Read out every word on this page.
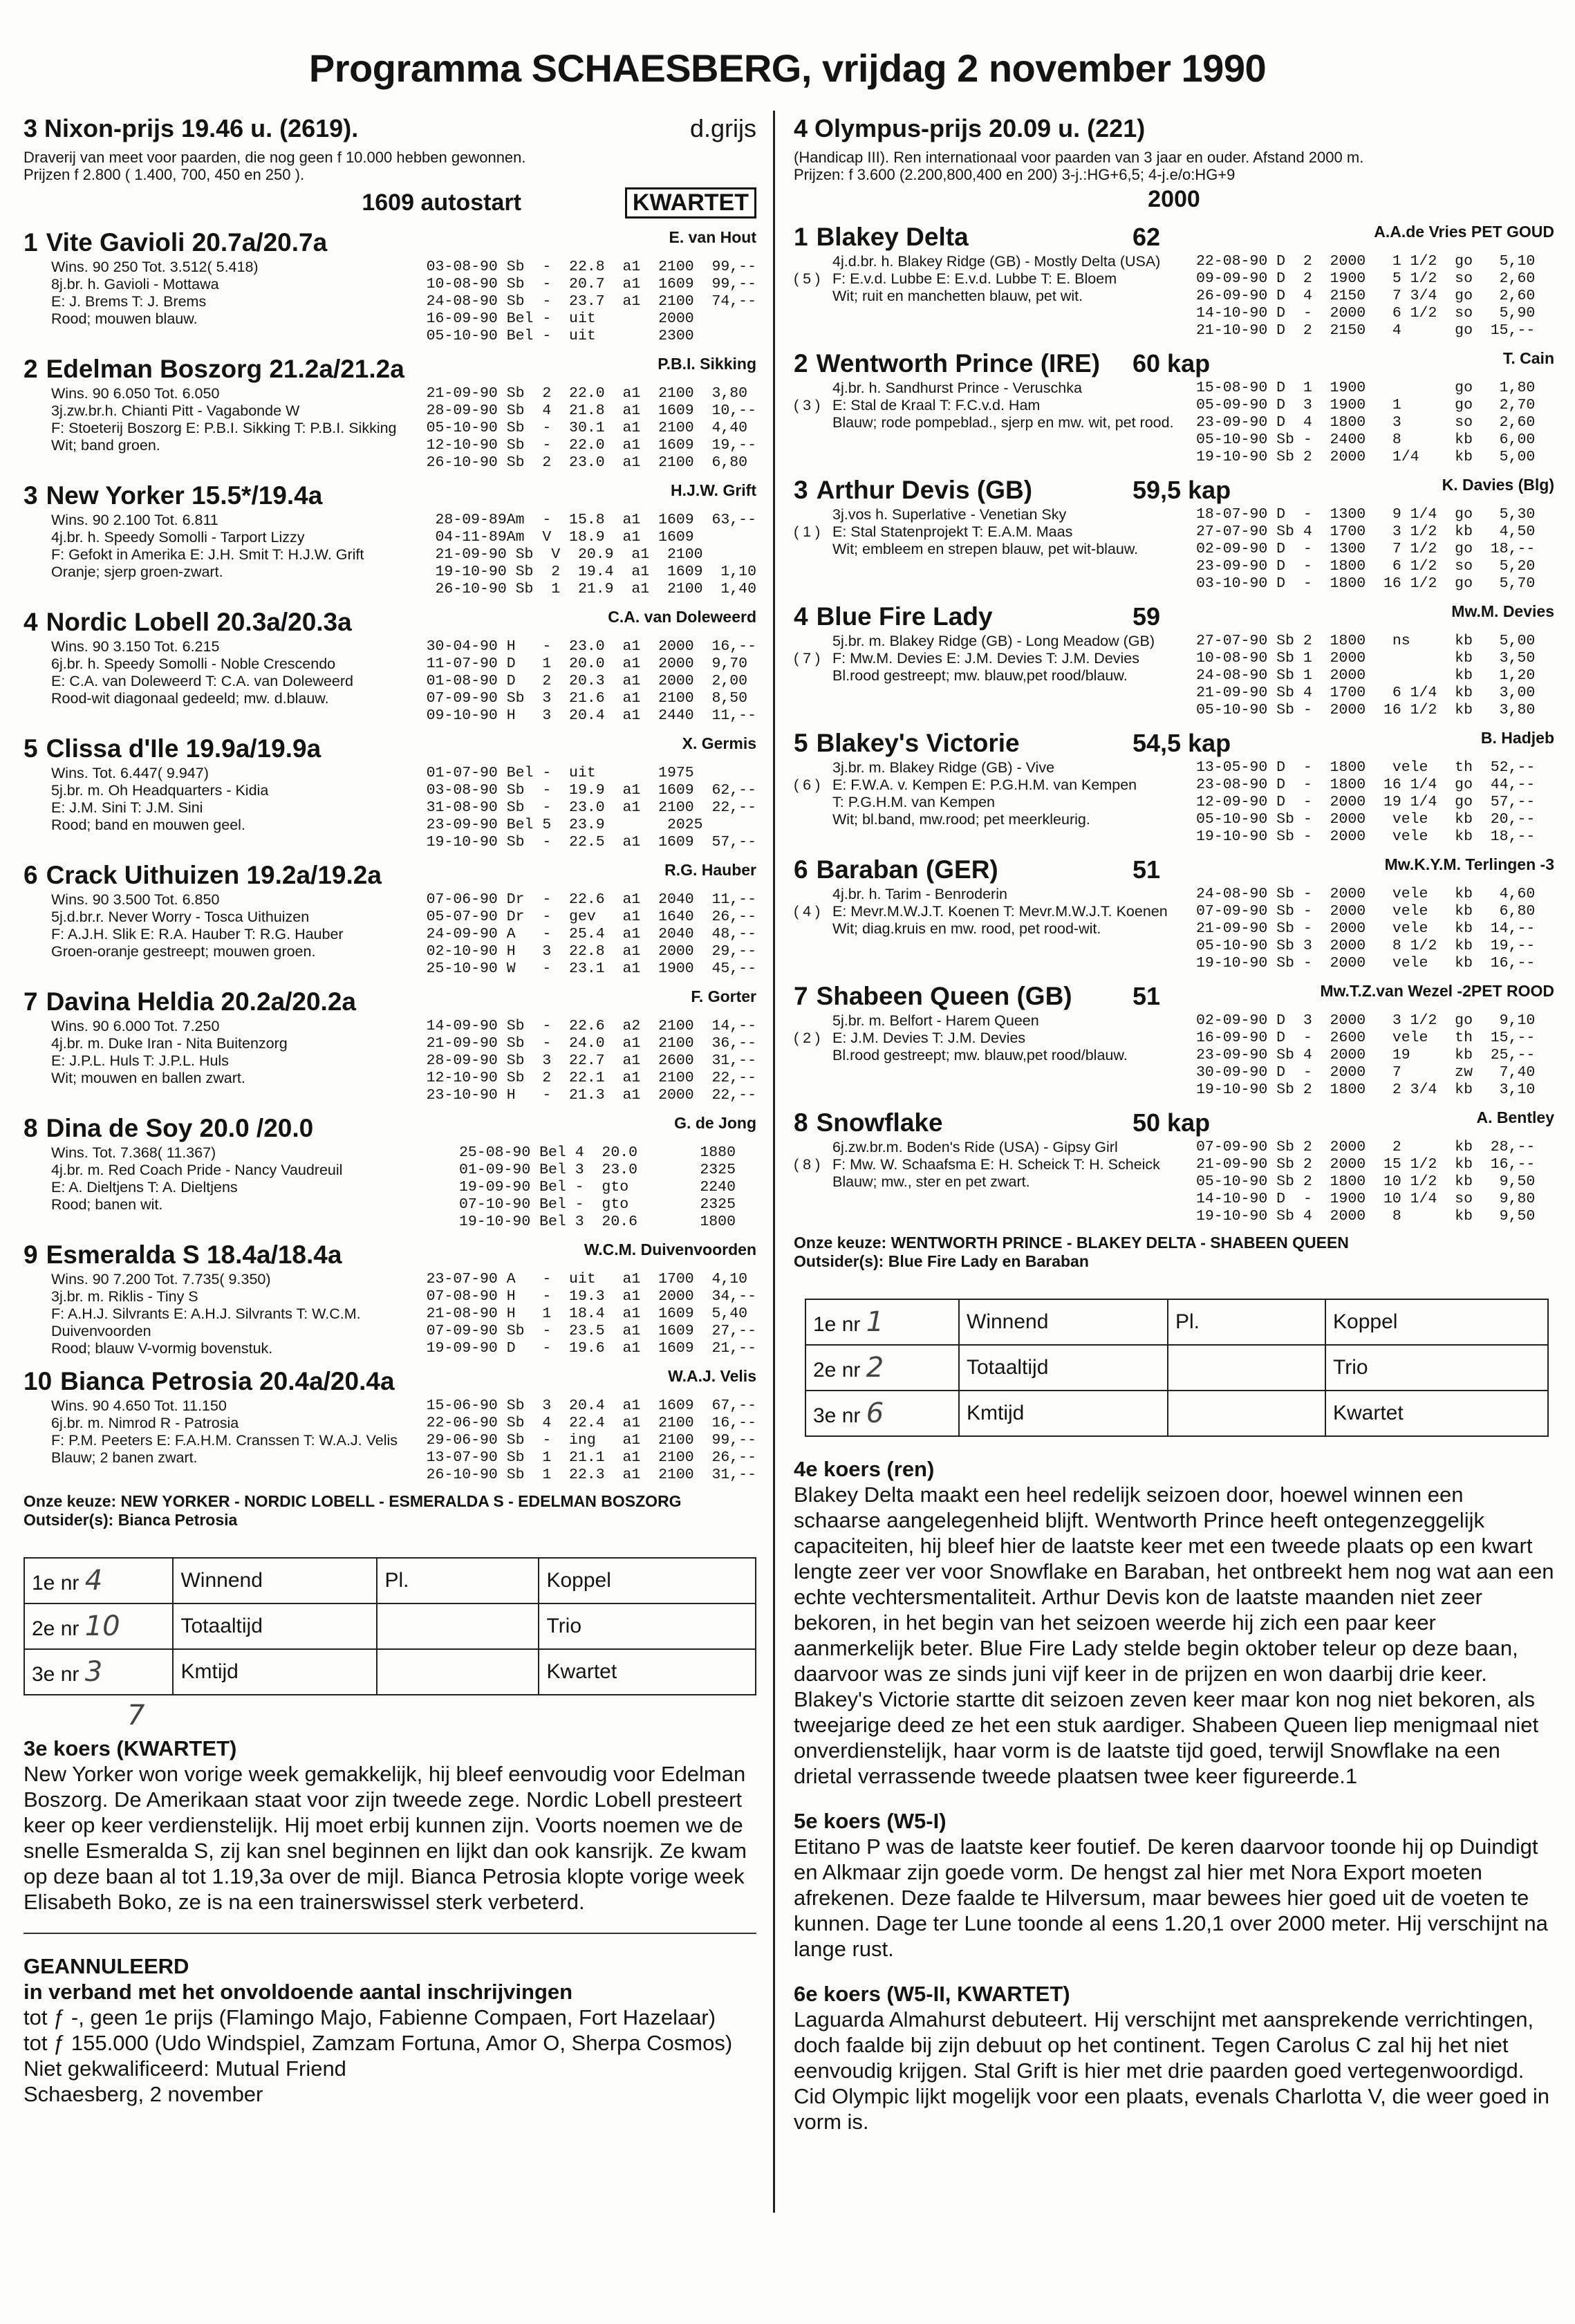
Programma SCHAESBERG, vrijdag 2 november 1990
3 Nixon-prijs 19.46 u. (2619).	d.grijs
Draverij van meet voor paarden, die nog geen f 10.000 hebben gewonnen.
Prijzen f 2.800 ( 1.400, 700, 450 en 250 ).
1609 autostart	KWARTET
1 Vite Gavioli 20.7a/20.7a	E. van Hout
Wins. 90 250 Tot. 3.512( 5.418)
8j.br. h. Gavioli - Mottawa
E: J. Brems T: J. Brems
Rood; mouwen blauw.
03-08-90 Sb  -  22.8  a1  2100  99,--
10-08-90 Sb  -  20.7  a1  1609  99,--
24-08-90 Sb  -  23.7  a1  2100  74,--
16-09-90 Bel -  uit       2000
05-10-90 Bel -  uit       2300
2 Edelman Boszorg 21.2a/21.2a	P.B.I. Sikking
Wins. 90 6.050 Tot. 6.050
3j.zw.br.h. Chianti Pitt - Vagabonde W
F: Stoeterij Boszorg E: P.B.I. Sikking T: P.B.I. Sikking
Wit; band groen.
21-09-90 Sb  2  22.0  a1  2100  3,80
28-09-90 Sb  4  21.8  a1  1609  10,--
05-10-90 Sb  -  30.1  a1  2100  4,40
12-10-90 Sb  -  22.0  a1  1609  19,--
26-10-90 Sb  2  23.0  a1  2100  6,80
3 New Yorker 15.5*/19.4a	H.J.W. Grift
Wins. 90 2.100 Tot. 6.811
4j.br. h. Speedy Somolli - Tarport Lizzy
F: Gefokt in Amerika E: J.H. Smit T: H.J.W. Grift
Oranje; sjerp groen-zwart.
28-09-89Am  -  15.8  a1  1609  63,--
04-11-89Am  V  18.9  a1  1609
21-09-90 Sb  V  20.9  a1  2100
19-10-90 Sb  2  19.4  a1  1609  1,10
26-10-90 Sb  1  21.9  a1  2100  1,40
4 Nordic Lobell 20.3a/20.3a	C.A. van Doleweerd
Wins. 90 3.150 Tot. 6.215
6j.br. h. Speedy Somolli - Noble Crescendo
E: C.A. van Doleweerd T: C.A. van Doleweerd
Rood-wit diagonaal gedeeld; mw. d.blauw.
30-04-90 H   -  23.0  a1  2000  16,--
11-07-90 D   1  20.0  a1  2000  9,70
01-08-90 D   2  20.3  a1  2000  2,00
07-09-90 Sb  3  21.6  a1  2100  8,50
09-10-90 H   3  20.4  a1  2440  11,--
5 Clissa d'Ile 19.9a/19.9a	X. Germis
Wins. Tot. 6.447( 9.947)
5j.br. m. Oh Headquarters - Kidia
E: J.M. Sini T: J.M. Sini
Rood; band en mouwen geel.
01-07-90 Bel -  uit       1975
03-08-90 Sb  -  19.9  a1  1609  62,--
31-08-90 Sb  -  23.0  a1  2100  22,--
23-09-90 Bel 5  23.9       2025
19-10-90 Sb  -  22.5  a1  1609  57,--
6 Crack Uithuizen 19.2a/19.2a	R.G. Hauber
Wins. 90 3.500 Tot. 6.850
5j.d.br.r. Never Worry - Tosca Uithuizen
F: A.J.H. Slik E: R.A. Hauber T: R.G. Hauber
Groen-oranje gestreept; mouwen groen.
07-06-90 Dr  -  22.6  a1  2040  11,--
05-07-90 Dr  -  gev   a1  1640  26,--
24-09-90 A   -  25.4  a1  2040  48,--
02-10-90 H   3  22.8  a1  2000  29,--
25-10-90 W   -  23.1  a1  1900  45,--
7 Davina Heldia 20.2a/20.2a	F. Gorter
Wins. 90 6.000 Tot. 7.250
4j.br. m. Duke Iran - Nita Buitenzorg
E: J.P.L. Huls T: J.P.L. Huls
Wit; mouwen en ballen zwart.
14-09-90 Sb  -  22.6  a2  2100  14,--
21-09-90 Sb  -  24.0  a1  2100  36,--
28-09-90 Sb  3  22.7  a1  2600  31,--
12-10-90 Sb  2  22.1  a1  2100  22,--
23-10-90 H   -  21.3  a1  2000  22,--
8 Dina de Soy 20.0 /20.0	G. de Jong
Wins. Tot. 7.368( 11.367)
4j.br. m. Red Coach Pride - Nancy Vaudreuil
E: A. Dieltjens T: A. Dieltjens
Rood; banen wit.
25-08-90 Bel 4  20.0       1880
01-09-90 Bel 3  23.0       2325
19-09-90 Bel -  gto        2240
07-10-90 Bel -  gto        2325
19-10-90 Bel 3  20.6       1800
9 Esmeralda S 18.4a/18.4a	W.C.M. Duivenvoorden
Wins. 90 7.200 Tot. 7.735( 9.350)
3j.br. m. Riklis - Tiny S
F: A.H.J. Silvrants E: A.H.J. Silvrants T: W.C.M. Duivenvoorden
Rood; blauw V-vormig bovenstuk.
23-07-90 A   -  uit   a1  1700  4,10
07-08-90 H   -  19.3  a1  2000  34,--
21-08-90 H   1  18.4  a1  1609  5,40
07-09-90 Sb  -  23.5  a1  1609  27,--
19-09-90 D   -  19.6  a1  1609  21,--
10 Bianca Petrosia 20.4a/20.4a	W.A.J. Velis
Wins. 90 4.650 Tot. 11.150
6j.br. m. Nimrod R - Patrosia
F: P.M. Peeters E: F.A.H.M. Cranssen T: W.A.J. Velis
Blauw; 2 banen zwart.
15-06-90 Sb  3  20.4  a1  1609  67,--
22-06-90 Sb  4  22.4  a1  2100  16,--
29-06-90 Sb  -  ing   a1  2100  99,--
13-07-90 Sb  1  21.1  a1  2100  26,--
26-10-90 Sb  1  22.3  a1  2100  31,--
Onze keuze: NEW YORKER - NORDIC LOBELL - ESMERALDA S - EDELMAN BOSZORG
Outsider(s): Bianca Petrosia
1e nr 4	Winnend	Pl.	Koppel
2e nr 10	Totaaltijd		Trio
3e nr 3	Kmtijd		Kwartet
7
3e koers (KWARTET)
New Yorker won vorige week gemakkelijk, hij bleef eenvoudig voor Edelman Boszorg. De Amerikaan staat voor zijn tweede zege. Nordic Lobell presteert keer op keer verdienstelijk. Hij moet erbij kunnen zijn. Voorts noemen we de snelle Esmeralda S, zij kan snel beginnen en lijkt dan ook kansrijk. Ze kwam op deze baan al tot 1.19,3a over de mijl. Bianca Petrosia klopte vorige week Elisabeth Boko, ze is na een trainerswissel sterk verbeterd.
GEANNULEERD
in verband met het onvoldoende aantal inschrijvingen
tot ƒ -, geen 1e prijs (Flamingo Majo, Fabienne Compaen, Fort Hazelaar)
tot ƒ 155.000 (Udo Windspiel, Zamzam Fortuna, Amor O, Sherpa Cosmos)
Niet gekwalificeerd: Mutual Friend
Schaesberg, 2 november
4 Olympus-prijs 20.09 u. (221)
(Handicap III). Ren internationaal voor paarden van 3 jaar en ouder. Afstand 2000 m.
Prijzen: f 3.600 (2.200,800,400 en 200) 3-j.:HG+6,5; 4-j.e/o:HG+9
2000
1 Blakey Delta	62	A.A.de Vries PET GOUD
( 5 )
4j.d.br. h. Blakey Ridge (GB) - Mostly Delta (USA)
F: E.v.d. Lubbe E: E.v.d. Lubbe T: E. Bloem
Wit; ruit en manchetten blauw, pet wit.
22-08-90 D  2  2000   1 1/2  go   5,10
09-09-90 D  2  1900   5 1/2  so   2,60
26-09-90 D  4  2150   7 3/4  go   2,60
14-10-90 D  -  2000   6 1/2  so   5,90
21-10-90 D  2  2150   4      go  15,--
2 Wentworth Prince (IRE) 60 kap	T. Cain
( 3 )
4j.br. h. Sandhurst Prince - Veruschka
E: Stal de Kraal T: F.C.v.d. Ham
Blauw; rode pompeblad., sjerp en mw. wit, pet rood.
15-08-90 D  1  1900          go   1,80
05-09-90 D  3  1900   1      go   2,70
23-09-90 D  4  1800   3      so   2,60
05-10-90 Sb -  2400   8      kb   6,00
19-10-90 Sb 2  2000   1/4    kb   5,00
3 Arthur Devis (GB)	59,5 kap	K. Davies (Blg)
( 1 )
3j.vos h. Superlative - Venetian Sky
E: Stal Statenprojekt T: E.A.M. Maas
Wit; embleem en strepen blauw, pet wit-blauw.
18-07-90 D  -  1300   9 1/4  go   5,30
27-07-90 Sb 4  1700   3 1/2  kb   4,50
02-09-90 D  -  1300   7 1/2  go  18,--
23-09-90 D  -  1800   6 1/2  so   5,20
03-10-90 D  -  1800  16 1/2  go   5,70
4 Blue Fire Lady	59	Mw.M. Devies
( 7 )
5j.br. m. Blakey Ridge (GB) - Long Meadow (GB)
F: Mw.M. Devies E: J.M. Devies T: J.M. Devies
Bl.rood gestreept; mw. blauw,pet rood/blauw.
27-07-90 Sb 2  1800   ns     kb   5,00
10-08-90 Sb 1  2000          kb   3,50
24-08-90 Sb 1  2000          kb   1,20
21-09-90 Sb 4  1700   6 1/4  kb   3,00
05-10-90 Sb -  2000  16 1/2  kb   3,80
5 Blakey's Victorie	54,5 kap	B. Hadjeb
( 6 )
3j.br. m. Blakey Ridge (GB) - Vive
E: F.W.A. v. Kempen E: P.G.H.M. van Kempen
T: P.G.H.M. van Kempen
Wit; bl.band, mw.rood; pet meerkleurig.
13-05-90 D  -  1800   vele   th  52,--
23-08-90 D  -  1800  16 1/4  go  44,--
12-09-90 D  -  2000  19 1/4  go  57,--
05-10-90 Sb -  2000   vele   kb  20,--
19-10-90 Sb -  2000   vele   kb  18,--
6 Baraban (GER)	51	Mw.K.Y.M. Terlingen -3
( 4 )
4j.br. h. Tarim - Benroderin
E: Mevr.M.W.J.T. Koenen T: Mevr.M.W.J.T. Koenen
Wit; diag.kruis en mw. rood, pet rood-wit.
24-08-90 Sb -  2000   vele   kb   4,60
07-09-90 Sb -  2000   vele   kb   6,80
21-09-90 Sb -  2000   vele   kb  14,--
05-10-90 Sb 3  2000   8 1/2  kb  19,--
19-10-90 Sb -  2000   vele   kb  16,--
7 Shabeen Queen (GB) 51	Mw.T.Z.van Wezel -2PET ROOD
( 2 )
5j.br. m. Belfort - Harem Queen
E: J.M. Devies T: J.M. Devies
Bl.rood gestreept; mw. blauw,pet rood/blauw.
02-09-90 D  3  2000   3 1/2  go   9,10
16-09-90 D  -  2600   vele   th  15,--
23-09-90 Sb 4  2000   19     kb  25,--
30-09-90 D  -  2000   7      zw   7,40
19-10-90 Sb 2  1800   2 3/4  kb   3,10
8 Snowflake	50 kap	A. Bentley
( 8 )
6j.zw.br.m. Boden's Ride (USA) - Gipsy Girl
F: Mw. W. Schaafsma E: H. Scheick T: H. Scheick
Blauw; mw., ster en pet zwart.
07-09-90 Sb 2  2000   2      kb  28,--
21-09-90 Sb 2  2000  15 1/2  kb  16,--
05-10-90 Sb 2  1800  10 1/2  kb   9,50
14-10-90 D  -  1900  10 1/4  so   9,80
19-10-90 Sb 4  2000   8      kb   9,50
Onze keuze: WENTWORTH PRINCE - BLAKEY DELTA - SHABEEN QUEEN
Outsider(s): Blue Fire Lady en Baraban
1e nr 1	Winnend	Pl.	Koppel
2e nr 2	Totaaltijd		Trio
3e nr 6	Kmtijd		Kwartet
4e koers (ren)
Blakey Delta maakt een heel redelijk seizoen door, hoewel winnen een schaarse aangelegenheid blijft. Wentworth Prince heeft ontegenzeggelijk capaciteiten, hij bleef hier de laatste keer met een tweede plaats op een kwart lengte zeer ver voor Snowflake en Baraban, het ontbreekt hem nog wat aan een echte vechtersmentaliteit. Arthur Devis kon de laatste maanden niet zeer bekoren, in het begin van het seizoen weerde hij zich een paar keer aanmerkelijk beter. Blue Fire Lady stelde begin oktober teleur op deze baan, daarvoor was ze sinds juni vijf keer in de prijzen en won daarbij drie keer. Blakey's Victorie startte dit seizoen zeven keer maar kon nog niet bekoren, als tweejarige deed ze het een stuk aardiger. Shabeen Queen liep menigmaal niet onverdienstelijk, haar vorm is de laatste tijd goed, terwijl Snowflake na een drietal verrassende tweede plaatsen twee keer figureerde.1
5e koers (W5-I)
Etitano P was de laatste keer foutief. De keren daarvoor toonde hij op Duindigt en Alkmaar zijn goede vorm. De hengst zal hier met Nora Export moeten afrekenen. Deze faalde te Hilversum, maar bewees hier goed uit de voeten te kunnen. Dage ter Lune toonde al eens 1.20,1 over 2000 meter. Hij verschijnt na lange rust.
6e koers (W5-II, KWARTET)
Laguarda Almahurst debuteert. Hij verschijnt met aansprekende verrichtingen, doch faalde bij zijn debuut op het continent. Tegen Carolus C zal hij het niet eenvoudig krijgen. Stal Grift is hier met drie paarden goed vertegenwoordigd. Cid Olympic lijkt mogelijk voor een plaats, evenals Charlotta V, die weer goed in vorm is.
